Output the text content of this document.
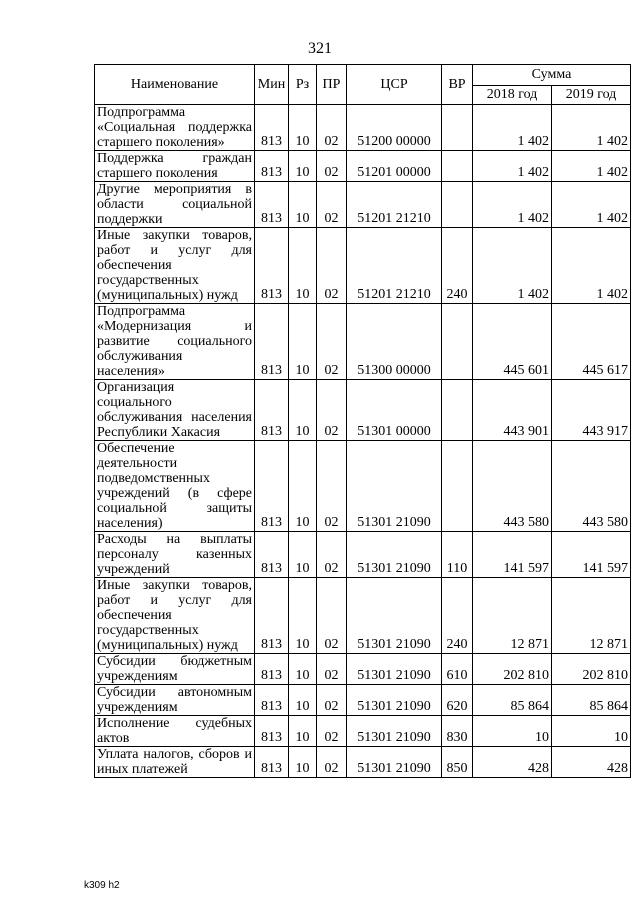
321
Наименование	Мин	Рз	ПР	ЦСР	ВР	Сумма	
						2018 год	2019 год
Подпрограмма «Социальная поддержка старшего поколения»	813	10	02	51200 00000		1 402	1 402
Поддержка граждан старшего поколения	813	10	02	51201 00000		1 402	1 402
Другие мероприятия в области социальной поддержки	813	10	02	51201 21210		1 402	1 402
Иные закупки товаров, работ и услуг для обеспечения государственных (муниципальных) нужд	813	10	02	51201 21210	240	1 402	1 402
Подпрограмма «Модернизация и развитие социального обслуживания населения»	813	10	02	51300 00000		445 601	445 617
Организация социального обслуживания населения Республики Хакасия	813	10	02	51301 00000		443 901	443 917
Обеспечение деятельности подведомственных учреждений (в сфере социальной защиты населения)	813	10	02	51301 21090		443 580	443 580
Расходы на выплаты персоналу казенных учреждений	813	10	02	51301 21090	110	141 597	141 597
Иные закупки товаров, работ и услуг для обеспечения государственных (муниципальных) нужд	813	10	02	51301 21090	240	12 871	12 871
Субсидии бюджетным учреждениям	813	10	02	51301 21090	610	202 810	202 810
Субсидии автономным учреждениям	813	10	02	51301 21090	620	85 864	85 864
Исполнение судебных актов	813	10	02	51301 21090	830	10	10
Уплата налогов, сборов и иных платежей	813	10	02	51301 21090	850	428	428
k309 h2
